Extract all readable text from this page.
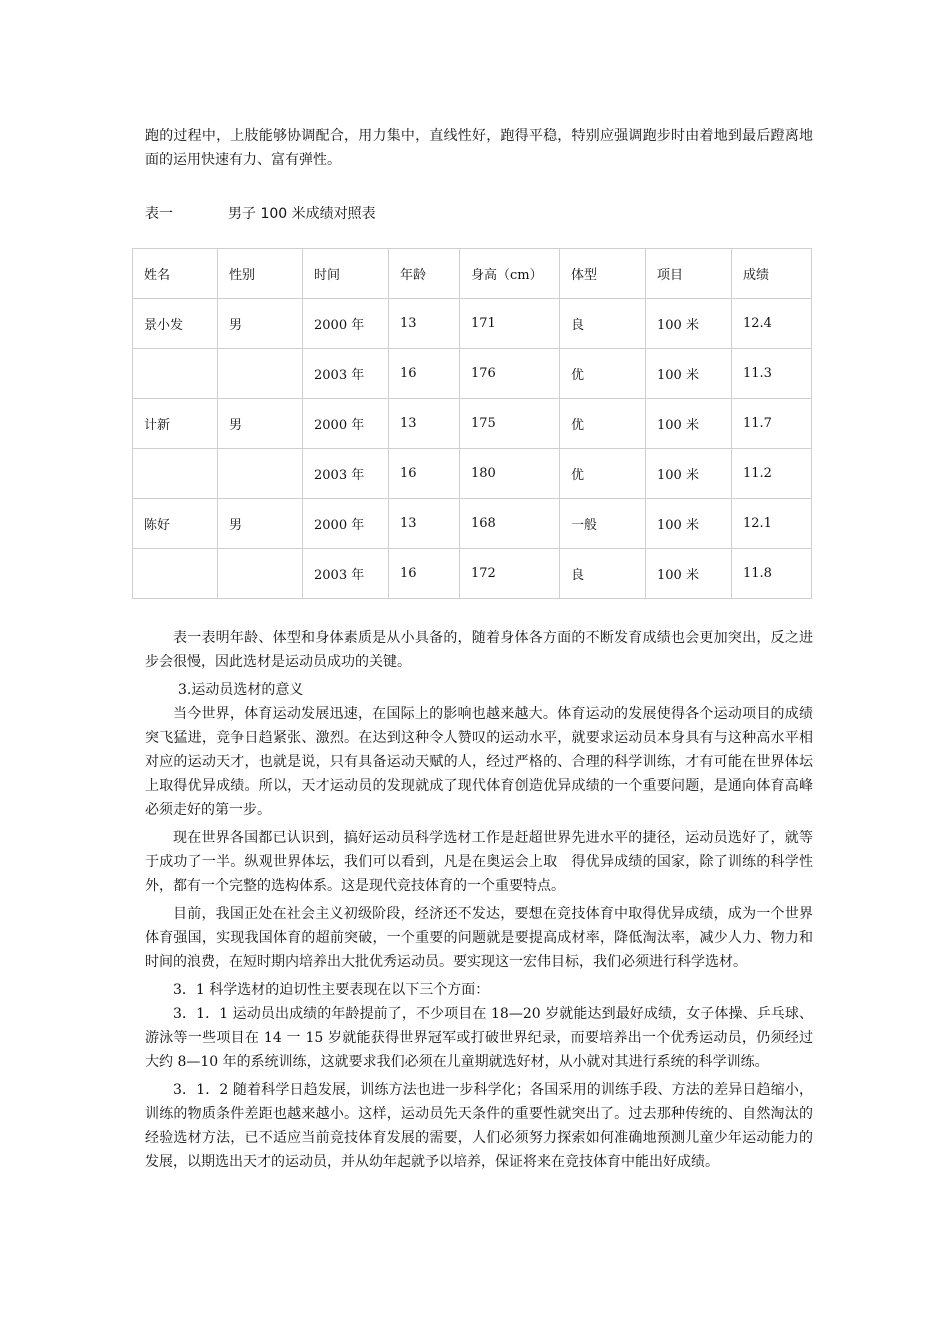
跑的过程中，上肢能够协调配合，用力集中，直线性好，跑得平稳，特别应强调跑步时由着地到最后蹬离地面的运用快速有力、富有弹性。

表一	男子 100 米成绩对照表
姓名	性别	时间	年龄	身高（cm）	体型	项目	成绩
景小发	男	2000 年	13	171	良	100 米	12.4
		2003 年	16	176	优	100 米	11.3
计新	男	2000 年	13	175	优	100 米	11.7
		2003 年	16	180	优	100 米	11.2
陈好	男	2000 年	13	168	一般	100 米	12.1
		2003 年	16	172	良	100 米	11.8

表一表明年龄、体型和身体素质是从小具备的，随着身体各方面的不断发育成绩也会更加突出，反之进步会很慢，因此选材是运动员成功的关键。

3.运动员选材的意义

当今世界，体育运动发展迅速，在国际上的影响也越来越大。体育运动的发展使得各个运动项目的成绩突飞猛进，竞争日趋紧张、激烈。在达到这种令人赞叹的运动水平，就要求运动员本身具有与这种高水平相对应的运动天才，也就是说，只有具备运动天赋的人，经过严格的、合理的科学训练，才有可能在世界体坛上取得优异成绩。所以，天才运动员的发现就成了现代体育创造优异成绩的一个重要问题，是通向体育高峰必须走好的第一步。

现在世界各国都已认识到，搞好运动员科学选材工作是赶超世界先进水平的捷径，运动员选好了，就等于成功了一半。纵观世界体坛，我们可以看到，凡是在奥运会上取　得优异成绩的国家，除了训练的科学性外，都有一个完整的选构体系。这是现代竞技体育的一个重要特点。

目前，我国正处在社会主义初级阶段，经济还不发达，要想在竞技体育中取得优异成绩，成为一个世界体育强国，实现我国体育的超前突破，一个重要的问题就是要提高成材率，降低淘汰率，减少人力、物力和时间的浪费，在短时期内培养出大批优秀运动员。要实现这一宏伟目标，我们必须进行科学选材。

3．1 科学选材的迫切性主要表现在以下三个方面：

3．1．1 运动员出成绩的年龄提前了，不少项目在 18—20 岁就能达到最好成绩，女子体操、乒乓球、游泳等一些项目在 14 一 15 岁就能获得世界冠军或打破世界纪录，而要培养出一个优秀运动员，仍须经过大约 8—10 年的系统训练，这就要求我们必须在儿童期就选好材，从小就对其进行系统的科学训练。

3．1．2 随着科学日趋发展，训练方法也进一步科学化；各国采用的训练手段、方法的差异日趋缩小，训练的物质条件差距也越来越小。这样，运动员先天条件的重要性就突出了。过去那种传统的、自然淘汰的经验选材方法，已不适应当前竞技体育发展的需要，人们必须努力探索如何准确地预测儿童少年运动能力的发展，以期选出天才的运动员，并从幼年起就予以培养，保证将来在竞技体育中能出好成绩。
